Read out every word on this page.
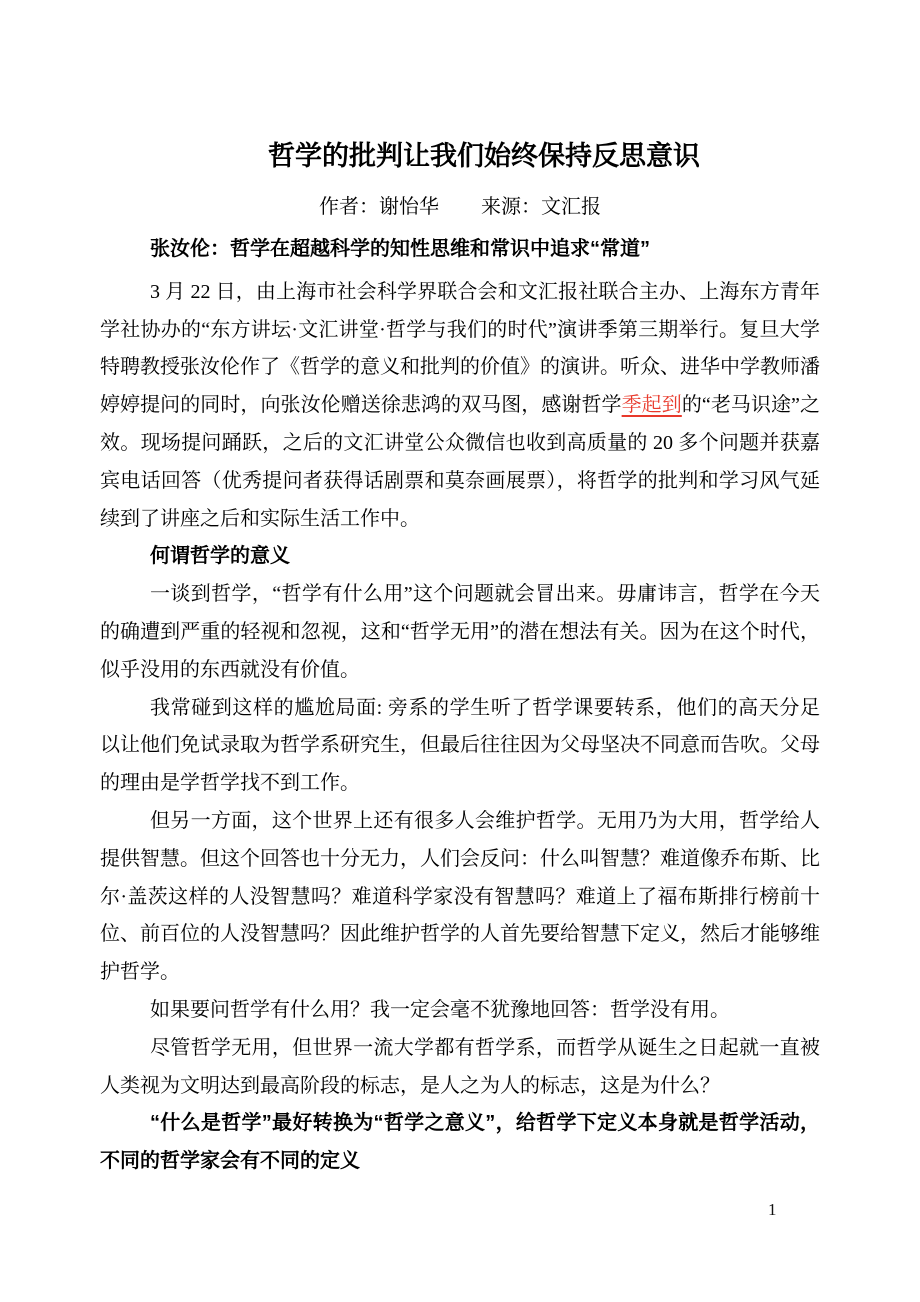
哲学的批判让我们始终保持反思意识
作者：谢怡华 来源：文汇报
张汝伦：哲学在超越科学的知性思维和常识中追求“常道”

3 月 22 日，由上海市社会科学界联合会和文汇报社联合主办、上海东方青年学社协办的“东方讲坛·文汇讲堂·哲学与我们的时代”演讲季第三期举行。复旦大学特聘教授张汝伦作了《哲学的意义和批判的价值》的演讲。听众、进华中学教师潘婷婷提问的同时，向张汝伦赠送徐悲鸿的双马图，感谢哲学季起到的“老马识途”之效。现场提问踊跃，之后的文汇讲堂公众微信也收到高质量的 20 多个问题并获嘉宾电话回答（优秀提问者获得话剧票和莫奈画展票），将哲学的批判和学习风气延续到了讲座之后和实际生活工作中。

何谓哲学的意义

一谈到哲学，“哲学有什么用”这个问题就会冒出来。毋庸讳言，哲学在今天的确遭到严重的轻视和忽视，这和“哲学无用”的潜在想法有关。因为在这个时代，似乎没用的东西就没有价值。

我常碰到这样的尴尬局面: 旁系的学生听了哲学课要转系，他们的高天分足以让他们免试录取为哲学系研究生，但最后往往因为父母坚决不同意而告吹。父母的理由是学哲学找不到工作。

但另一方面，这个世界上还有很多人会维护哲学。无用乃为大用，哲学给人提供智慧。但这个回答也十分无力，人们会反问：什么叫智慧？难道像乔布斯、比尔·盖茨这样的人没智慧吗？难道科学家没有智慧吗？难道上了福布斯排行榜前十位、前百位的人没智慧吗？因此维护哲学的人首先要给智慧下定义，然后才能够维护哲学。

如果要问哲学有什么用？我一定会毫不犹豫地回答：哲学没有用。

尽管哲学无用，但世界一流大学都有哲学系，而哲学从诞生之日起就一直被人类视为文明达到最高阶段的标志，是人之为人的标志，这是为什么？

“什么是哲学”最好转换为“哲学之意义”，给哲学下定义本身就是哲学活动，不同的哲学家会有不同的定义

1
